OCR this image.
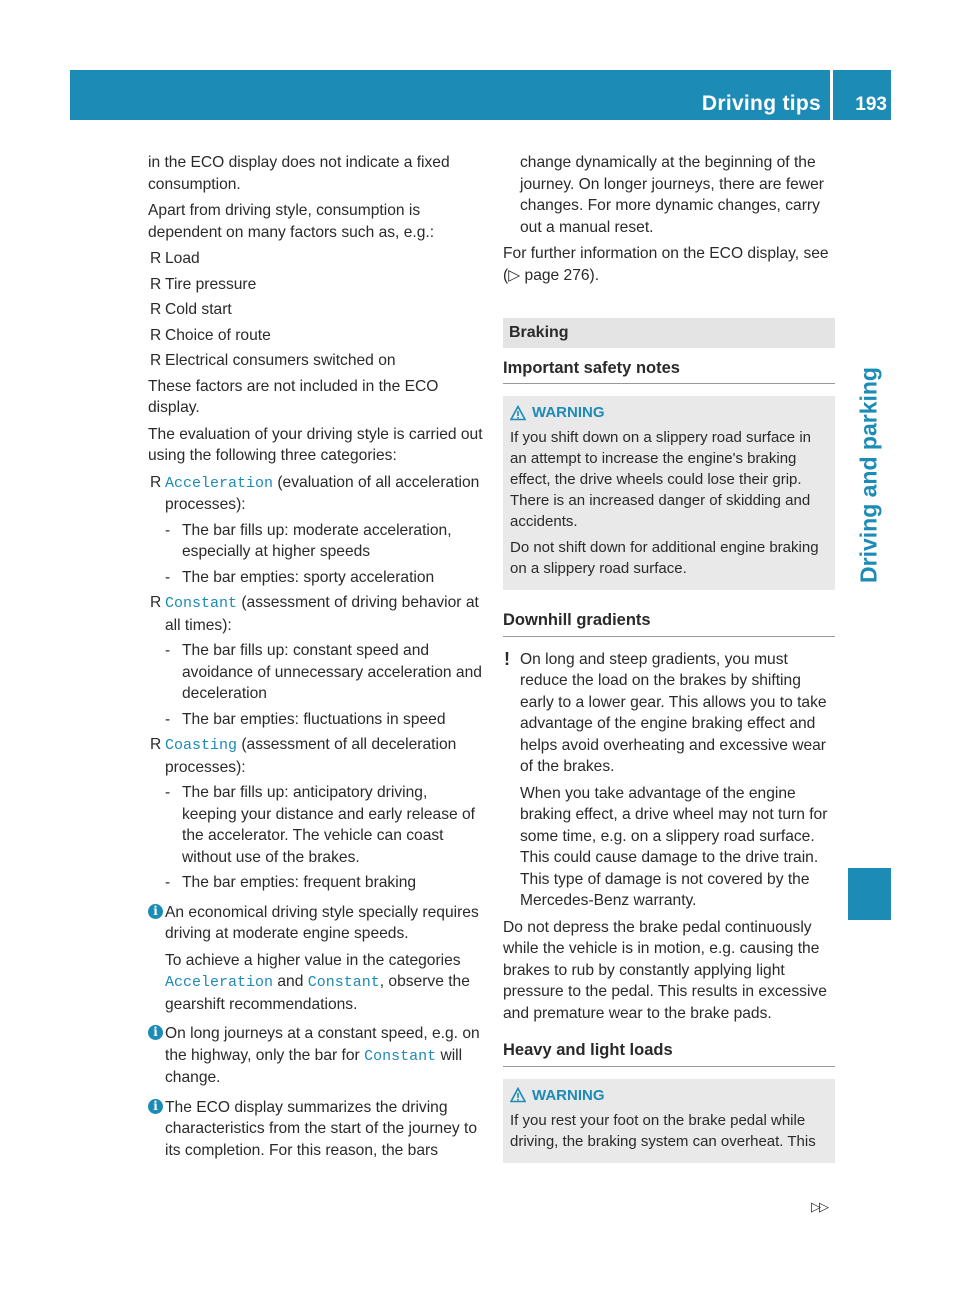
Driving tips 193
Driving and parking

in the ECO display does not indicate a fixed consumption.

Apart from driving style, consumption is dependent on many factors such as, e.g.:

R Load
R Tire pressure
R Cold start
R Choice of route
R Electrical consumers switched on

These factors are not included in the ECO display.

The evaluation of your driving style is carried out using the following three categories:

R Acceleration (evaluation of all acceleration processes):
- The bar fills up: moderate acceleration, especially at higher speeds
- The bar empties: sporty acceleration
R Constant (assessment of driving behavior at all times):
- The bar fills up: constant speed and avoidance of unnecessary acceleration and deceleration
- The bar empties: fluctuations in speed
R Coasting (assessment of all deceleration processes):
- The bar fills up: anticipatory driving, keeping your distance and early release of the accelerator. The vehicle can coast without use of the brakes.
- The bar empties: frequent braking
i An economical driving style specially requires driving at moderate engine speeds.

To achieve a higher value in the categories Acceleration and Constant, observe the gearshift recommendations.

i On long journeys at a constant speed, e.g. on the highway, only the bar for Constant will change.

i The ECO display summarizes the driving characteristics from the start of the journey to its completion. For this reason, the bars

change dynamically at the beginning of the journey. On longer journeys, there are fewer changes. For more dynamic changes, carry out a manual reset.

For further information on the ECO display, see (▷ page 276).

Braking
Important safety notes
WARNING

If you shift down on a slippery road surface in an attempt to increase the engine's braking effect, the drive wheels could lose their grip. There is an increased danger of skidding and accidents.

Do not shift down for additional engine braking on a slippery road surface.

Downhill gradients
! On long and steep gradients, you must reduce the load on the brakes by shifting early to a lower gear. This allows you to take advantage of the engine braking effect and helps avoid overheating and excessive wear of the brakes.

When you take advantage of the engine braking effect, a drive wheel may not turn for some time, e.g. on a slippery road surface. This could cause damage to the drive train. This type of damage is not covered by the Mercedes-Benz warranty.

Do not depress the brake pedal continuously while the vehicle is in motion, e.g. causing the brakes to rub by constantly applying light pressure to the pedal. This results in excessive and premature wear to the brake pads.

Heavy and light loads
WARNING

If you rest your foot on the brake pedal while driving, the braking system can overheat. This

▷▷
